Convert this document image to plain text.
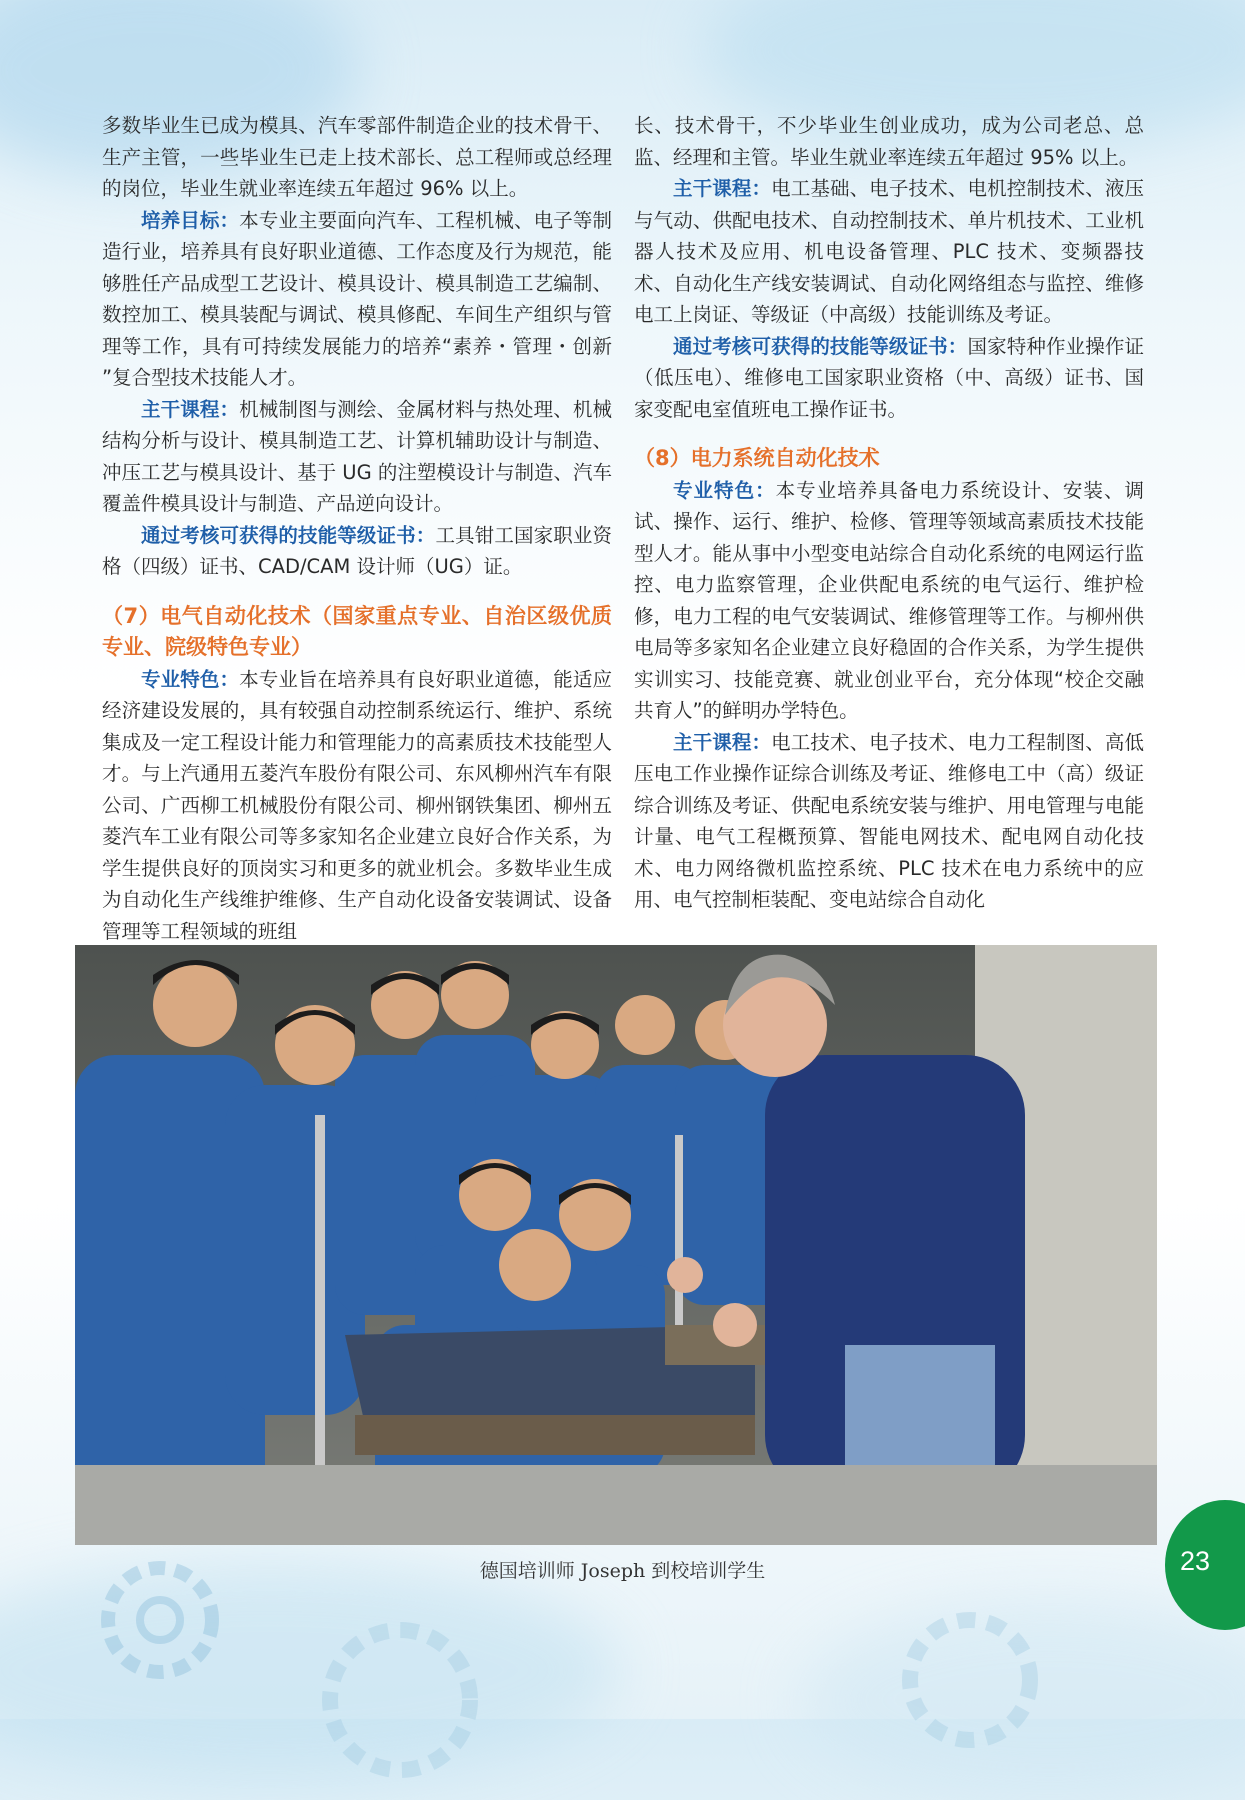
多数毕业生已成为模具、汽车零部件制造企业的技术骨干、生产主管，一些毕业生已走上技术部长、总工程师或总经理的岗位，毕业生就业率连续五年超过 96% 以上。

培养目标：本专业主要面向汽车、工程机械、电子等制造行业，培养具有良好职业道德、工作态度及行为规范，能够胜任产品成型工艺设计、模具设计、模具制造工艺编制、数控加工、模具装配与调试、模具修配、车间生产组织与管理等工作，具有可持续发展能力的培养“素养・管理・创新 ”复合型技术技能人才。

主干课程：机械制图与测绘、金属材料与热处理、机械结构分析与设计、模具制造工艺、计算机辅助设计与制造、冲压工艺与模具设计、基于 UG 的注塑模设计与制造、汽车覆盖件模具设计与制造、产品逆向设计。

通过考核可获得的技能等级证书：工具钳工国家职业资格（四级）证书、CAD/CAM 设计师（UG）证。

（7）电气自动化技术（国家重点专业、自治区级优质专业、院级特色专业）

专业特色：本专业旨在培养具有良好职业道德，能适应经济建设发展的，具有较强自动控制系统运行、维护、系统集成及一定工程设计能力和管理能力的高素质技术技能型人才。与上汽通用五菱汽车股份有限公司、东风柳州汽车有限公司、广西柳工机械股份有限公司、柳州钢铁集团、柳州五菱汽车工业有限公司等多家知名企业建立良好合作关系，为学生提供良好的顶岗实习和更多的就业机会。多数毕业生成为自动化生产线维护维修、生产自动化设备安装调试、设备管理等工程领域的班组

长、技术骨干，不少毕业生创业成功，成为公司老总、总监、经理和主管。毕业生就业率连续五年超过 95% 以上。

主干课程：电工基础、电子技术、电机控制技术、液压与气动、供配电技术、自动控制技术、单片机技术、工业机器人技术及应用、机电设备管理、PLC 技术、变频器技术、自动化生产线安装调试、自动化网络组态与监控、维修电工上岗证、等级证（中高级）技能训练及考证。

通过考核可获得的技能等级证书：国家特种作业操作证（低压电）、维修电工国家职业资格（中、高级）证书、国家变配电室值班电工操作证书。

（8）电力系统自动化技术

专业特色：本专业培养具备电力系统设计、安装、调试、操作、运行、维护、检修、管理等领域高素质技术技能型人才。能从事中小型变电站综合自动化系统的电网运行监控、电力监察管理，企业供配电系统的电气运行、维护检修，电力工程的电气安装调试、维修管理等工作。与柳州供电局等多家知名企业建立良好稳固的合作关系，为学生提供实训实习、技能竞赛、就业创业平台，充分体现“校企交融共育人”的鲜明办学特色。

主干课程：电工技术、电子技术、电力工程制图、高低压电工作业操作证综合训练及考证、维修电工中（高）级证综合训练及考证、供配电系统安装与维护、用电管理与电能计量、电气工程概预算、智能电网技术、配电网自动化技术、电力网络微机监控系统、PLC 技术在电力系统中的应用、电气控制柜装配、变电站综合自动化

德国培训师 Joseph 到校培训学生	23
